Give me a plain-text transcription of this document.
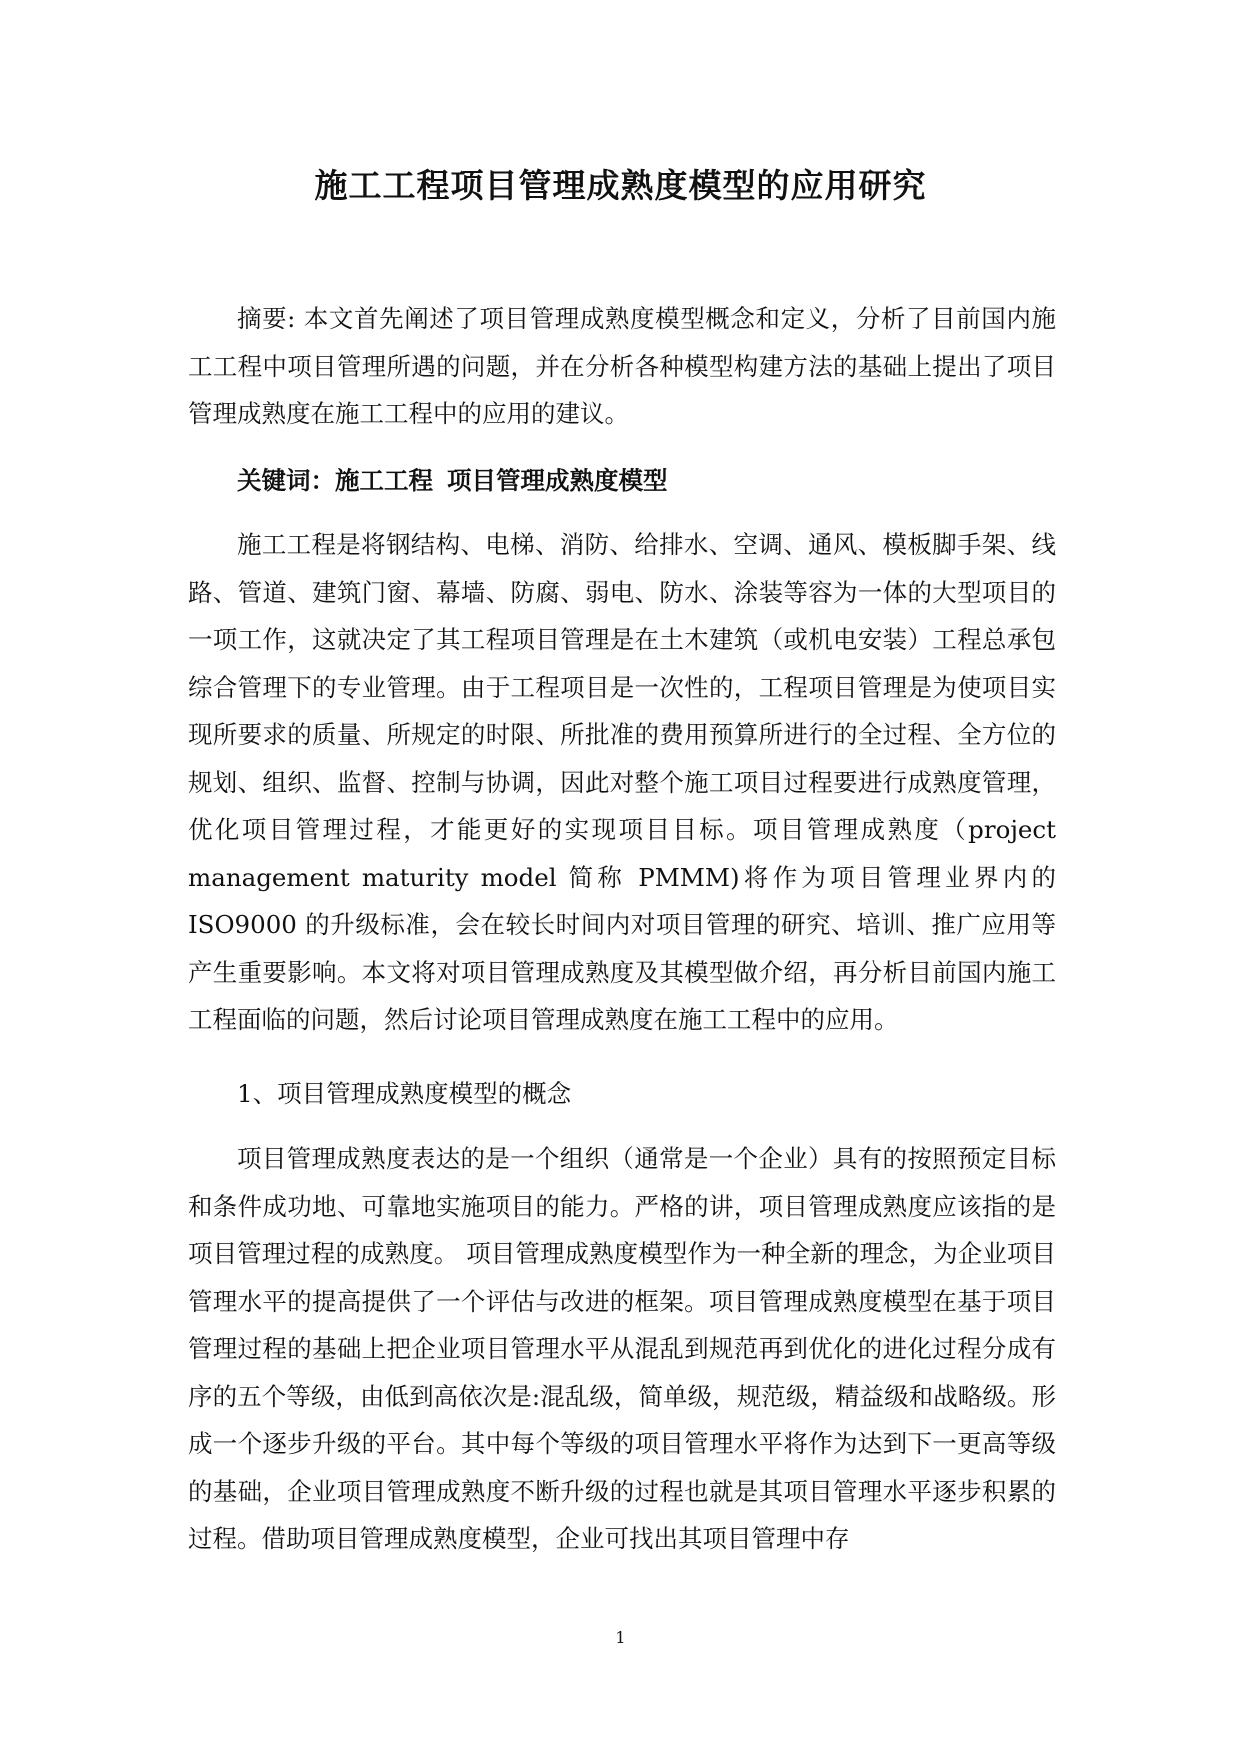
施工工程项目管理成熟度模型的应用研究
摘要: 本文首先阐述了项目管理成熟度模型概念和定义，分析了目前国内施工工程中项目管理所遇的问题，并在分析各种模型构建方法的基础上提出了项目管理成熟度在施工工程中的应用的建议。
关键词：施工工程 项目管理成熟度模型
施工工程是将钢结构、电梯、消防、给排水、空调、通风、模板脚手架、线路、管道、建筑门窗、幕墙、防腐、弱电、防水、涂装等容为一体的大型项目的一项工作，这就决定了其工程项目管理是在土木建筑（或机电安装）工程总承包综合管理下的专业管理。由于工程项目是一次性的，工程项目管理是为使项目实现所要求的质量、所规定的时限、所批准的费用预算所进行的全过程、全方位的规划、组织、监督、控制与协调，因此对整个施工项目过程要进行成熟度管理，优化项目管理过程，才能更好的实现项目目标。项目管理成熟度（project management maturity model 简称 PMMM)将作为项目管理业界内的 ISO9000 的升级标准，会在较长时间内对项目管理的研究、培训、推广应用等产生重要影响。本文将对项目管理成熟度及其模型做介绍，再分析目前国内施工工程面临的问题，然后讨论项目管理成熟度在施工工程中的应用。
1、项目管理成熟度模型的概念
项目管理成熟度表达的是一个组织（通常是一个企业）具有的按照预定目标和条件成功地、可靠地实施项目的能力。严格的讲，项目管理成熟度应该指的是项目管理过程的成熟度。 项目管理成熟度模型作为一种全新的理念，为企业项目管理水平的提高提供了一个评估与改进的框架。项目管理成熟度模型在基于项目管理过程的基础上把企业项目管理水平从混乱到规范再到优化的进化过程分成有序的五个等级，由低到高依次是:混乱级，简单级，规范级，精益级和战略级。形成一个逐步升级的平台。其中每个等级的项目管理水平将作为达到下一更高等级的基础，企业项目管理成熟度不断升级的过程也就是其项目管理水平逐步积累的过程。借助项目管理成熟度模型，企业可找出其项目管理中存
1
